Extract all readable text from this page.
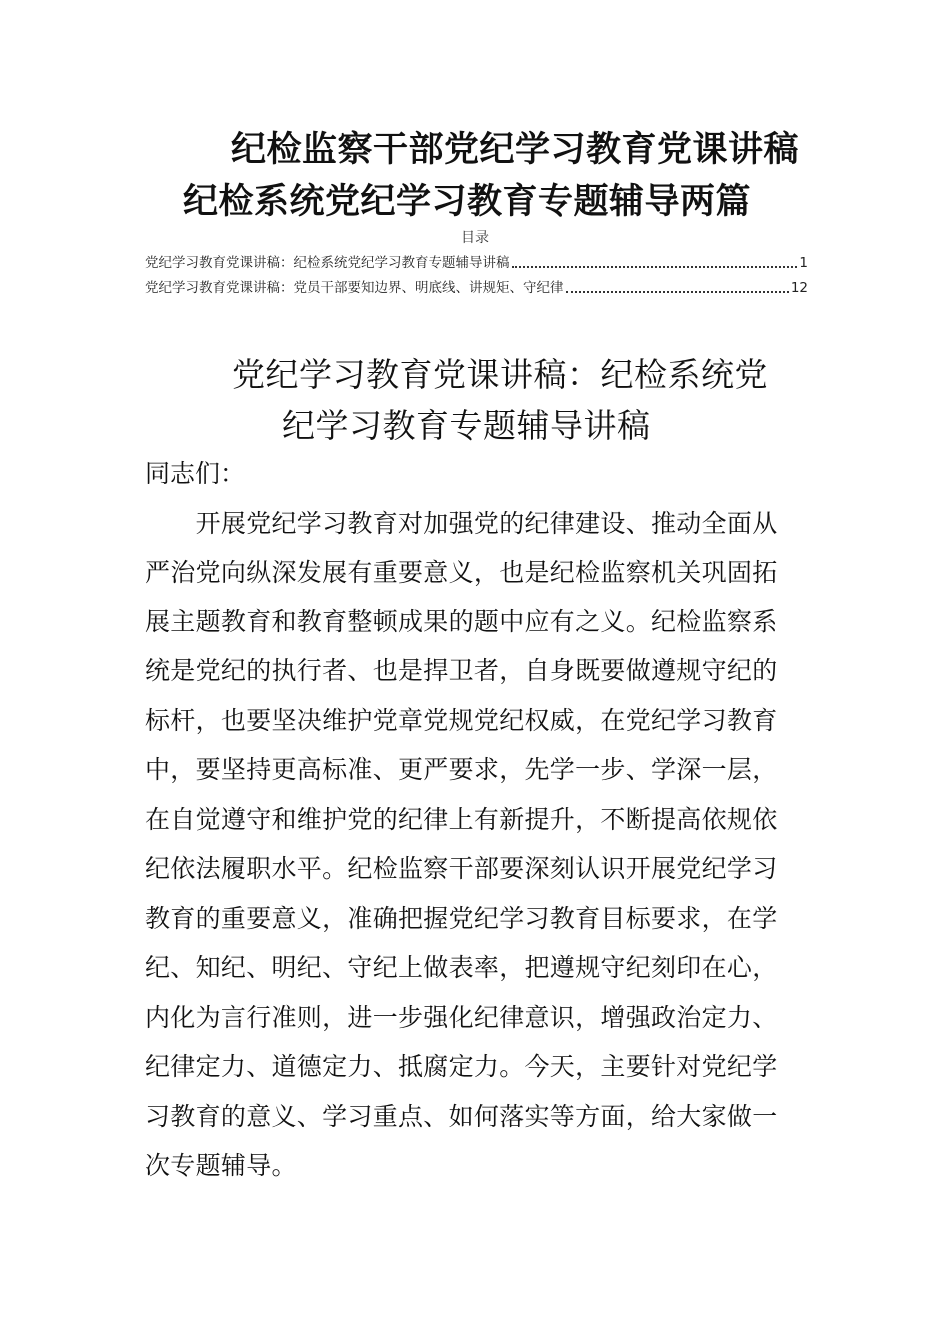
纪检监察干部党纪学习教育党课讲稿
纪检系统党纪学习教育专题辅导两篇
目录
党纪学习教育党课讲稿：纪检系统党纪学习教育专题辅导讲稿	1
党纪学习教育党课讲稿：党员干部要知边界、明底线、讲规矩、守纪律	12
党纪学习教育党课讲稿：纪检系统党
纪学习教育专题辅导讲稿
同志们：
　　开展党纪学习教育对加强党的纪律建设、推动全面从
严治党向纵深发展有重要意义，也是纪检监察机关巩固拓
展主题教育和教育整顿成果的题中应有之义。纪检监察系
统是党纪的执行者、也是捍卫者，自身既要做遵规守纪的
标杆，也要坚决维护党章党规党纪权威，在党纪学习教育
中，要坚持更高标准、更严要求，先学一步、学深一层，
在自觉遵守和维护党的纪律上有新提升，不断提高依规依
纪依法履职水平。纪检监察干部要深刻认识开展党纪学习
教育的重要意义，准确把握党纪学习教育目标要求，在学
纪、知纪、明纪、守纪上做表率，把遵规守纪刻印在心，
内化为言行准则，进一步强化纪律意识，增强政治定力、
纪律定力、道德定力、抵腐定力。今天，主要针对党纪学
习教育的意义、学习重点、如何落实等方面，给大家做一
次专题辅导。
